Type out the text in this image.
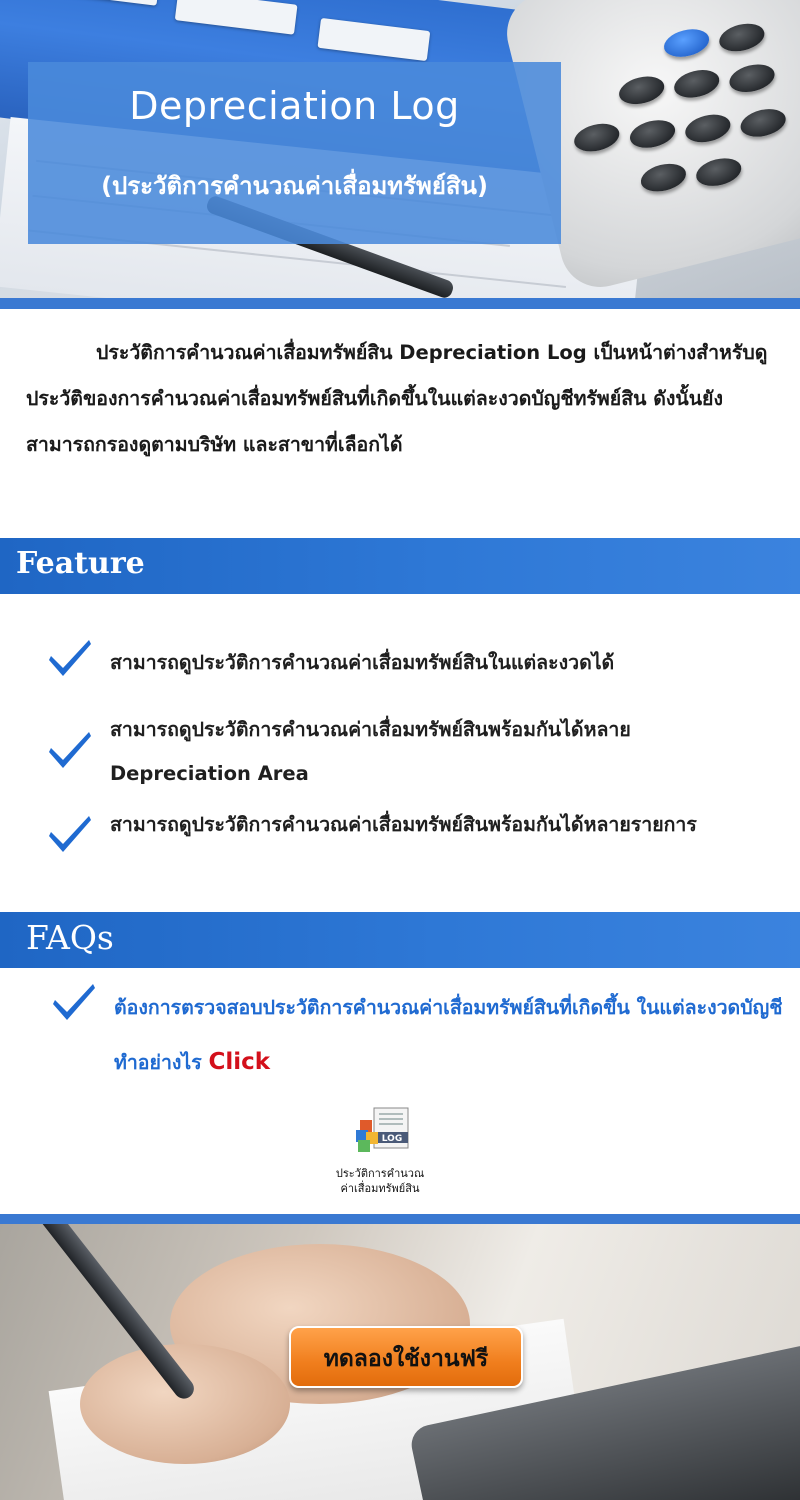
Depreciation Log
(ประวัติการคำนวณค่าเสื่อมทรัพย์สิน)
ประวัติการคำนวณค่าเสื่อมทรัพย์สิน Depreciation Log เป็นหน้าต่างสำหรับดูประวัติของการคำนวณค่าเสื่อมทรัพย์สินที่เกิดขึ้นในแต่ละงวดบัญชีทรัพย์สิน ดังนั้นยังสามารถกรองดูตามบริษัท และสาขาที่เลือกได้
Feature
สามารถดูประวัติการคำนวณค่าเสื่อมทรัพย์สินในแต่ละงวดได้
สามารถดูประวัติการคำนวณค่าเสื่อมทรัพย์สินพร้อมกันได้หลาย Depreciation Area
สามารถดูประวัติการคำนวณค่าเสื่อมทรัพย์สินพร้อมกันได้หลายรายการ
FAQs
ต้องการตรวจสอบประวัติการคำนวณค่าเสื่อมทรัพย์สินที่เกิดขึ้น ในแต่ละงวดบัญชี ทำอย่างไร Click
LOG
ประวัติการคำนวณ
ค่าเสื่อมทรัพย์สิน
ทดลองใช้งานฟรี
